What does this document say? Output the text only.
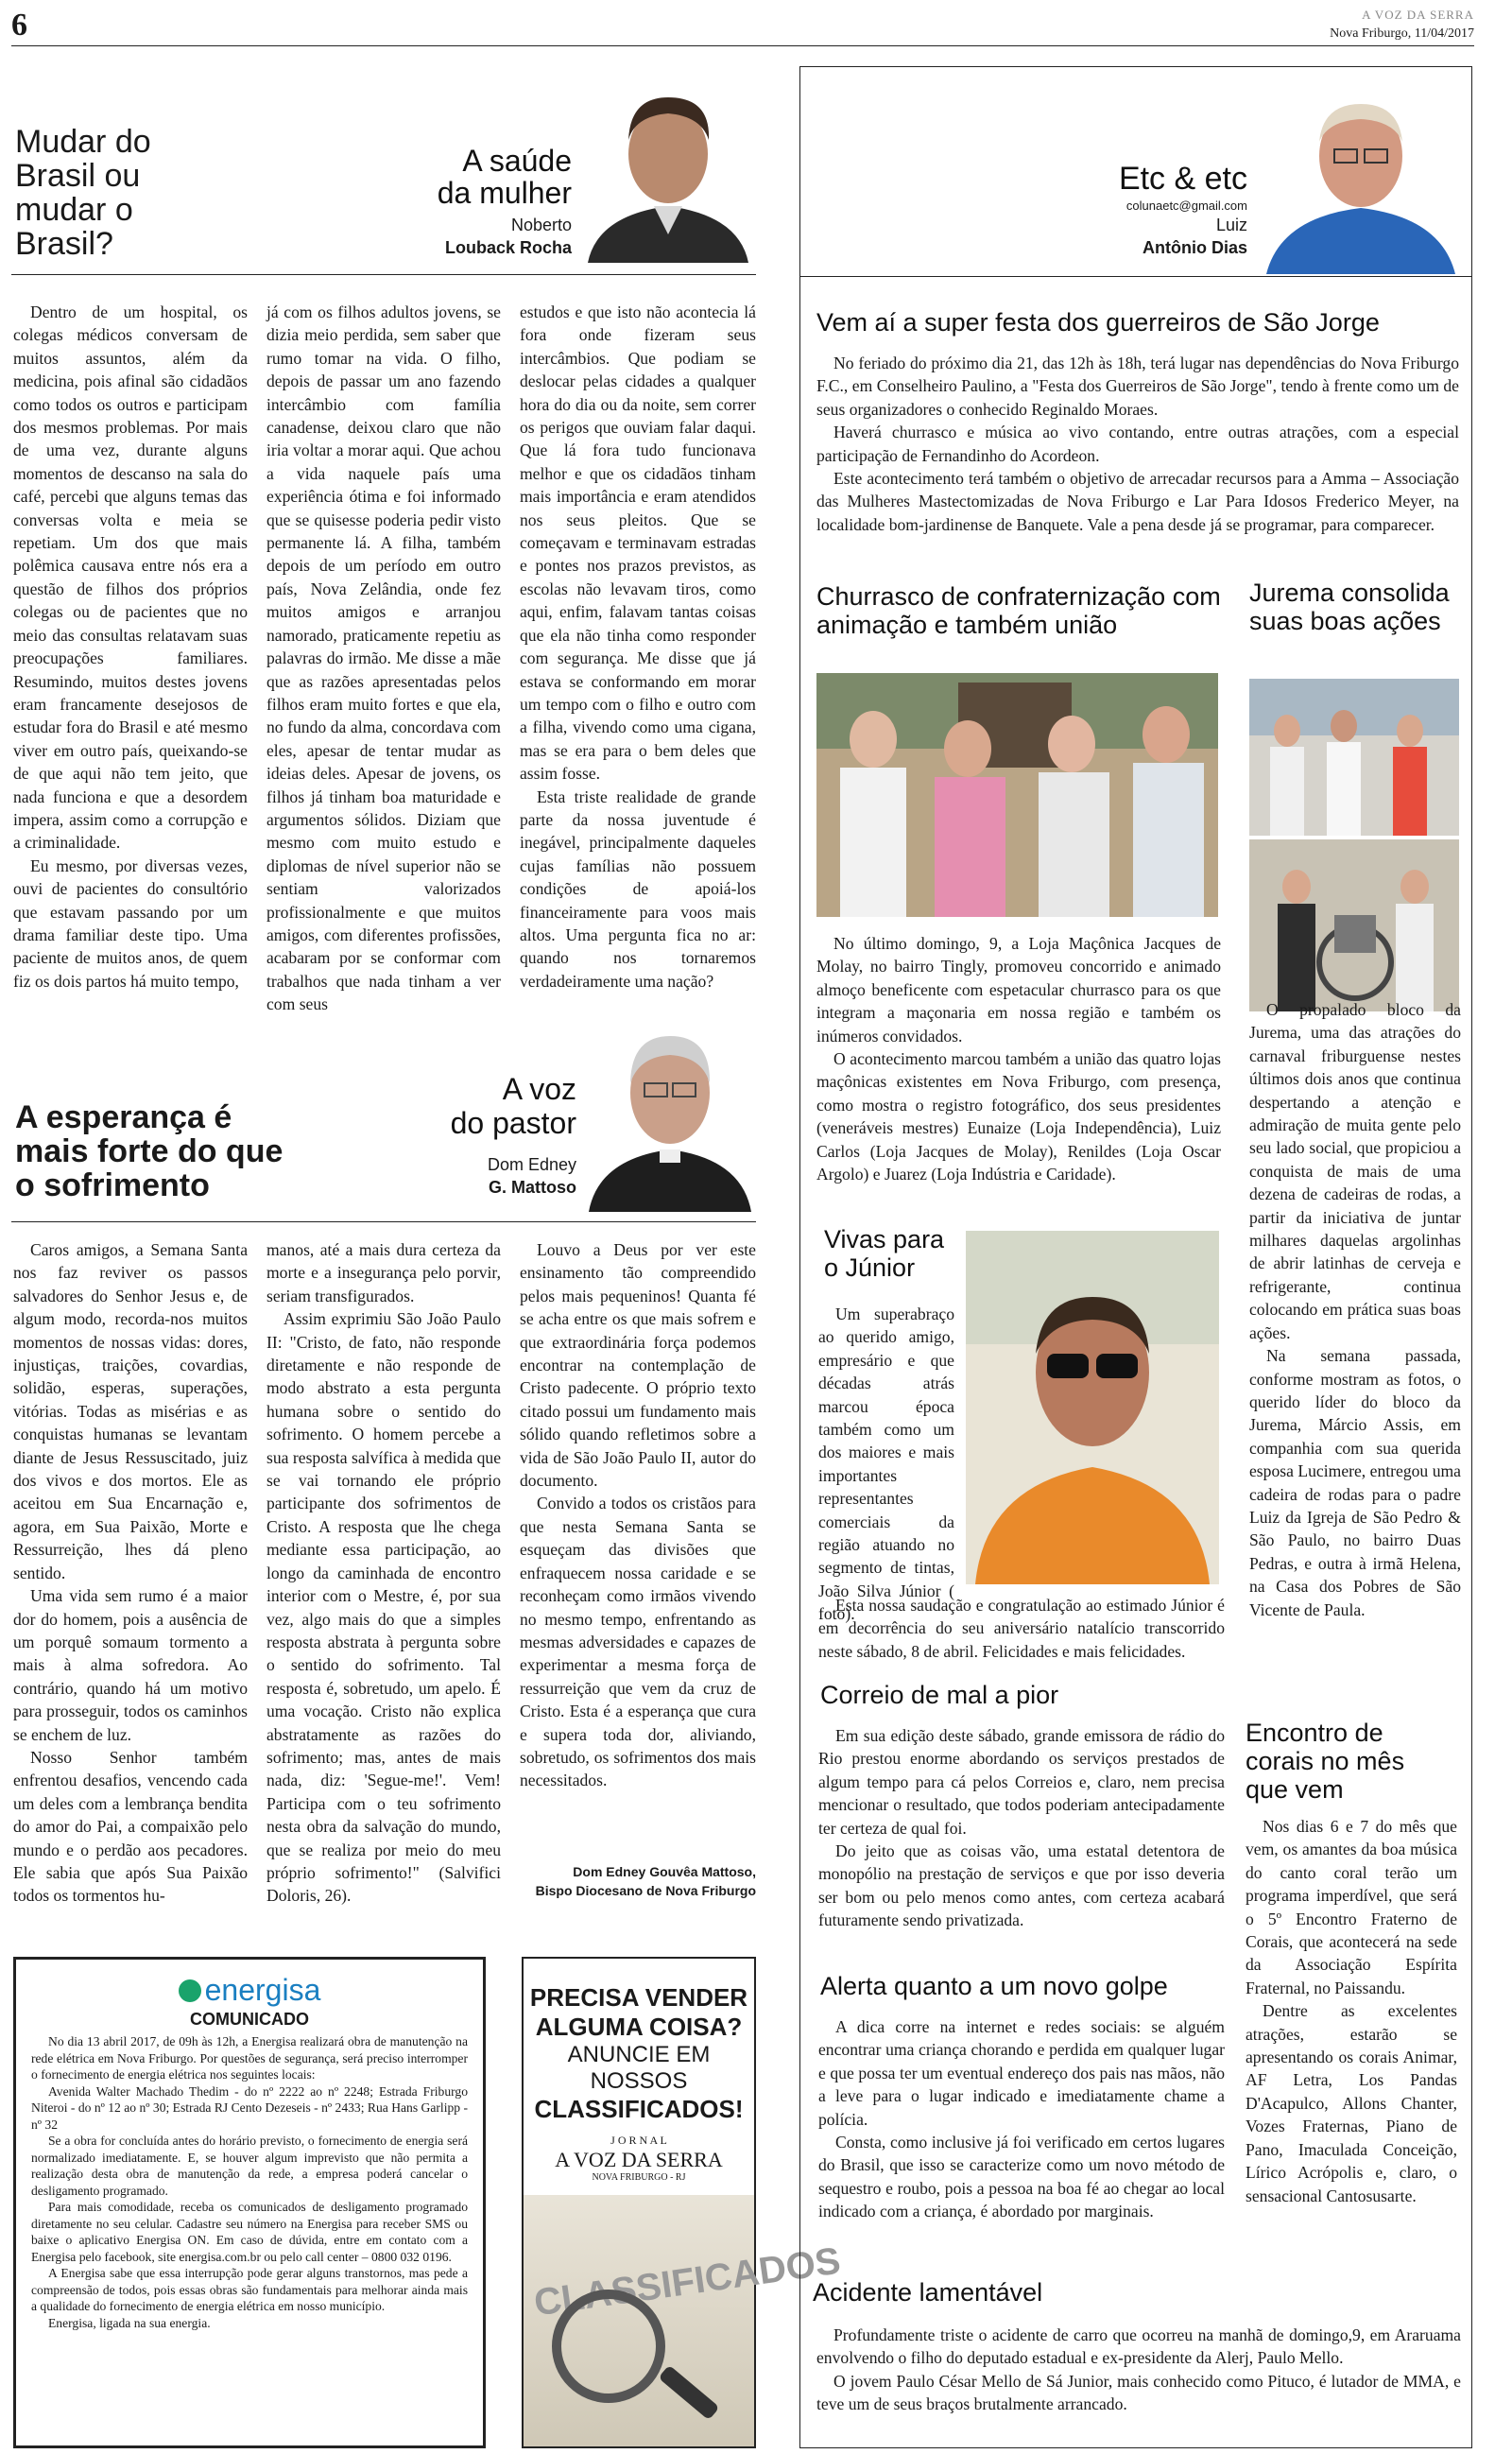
6	A VOZ DA SERRA
Nova Friburgo, 11/04/2017
Mudar do Brasil ou mudar o Brasil?
A saúde
da mulher
Noberto
Louback Rocha

Dentro de um hospital, os colegas médicos conversam de muitos assuntos, além da medicina, pois afinal são cidadãos como todos os outros e participam dos mesmos problemas. Por mais de uma vez, durante alguns momentos de descanso na sala do café, percebi que alguns temas das conversas volta e meia se repetiam. Um dos que mais polêmica causava entre nós era a questão de filhos dos próprios colegas ou de pacientes que no meio das consultas relatavam suas preocupações familiares. Resumindo, muitos destes jovens eram francamente desejosos de estudar fora do Brasil e até mesmo viver em outro país, queixando-se de que aqui não tem jeito, que nada funciona e que a desordem impera, assim como a corrupção e a criminalidade.

Eu mesmo, por diversas vezes, ouvi de pacientes do consultório que estavam passando por um drama familiar deste tipo. Uma paciente de muitos anos, de quem fiz os dois partos há muito tempo,

já com os filhos adultos jovens, se dizia meio perdida, sem saber que rumo tomar na vida. O filho, depois de passar um ano fazendo intercâmbio com família canadense, deixou claro que não iria voltar a morar aqui. Que achou a vida naquele país uma experiência ótima e foi informado que se quisesse poderia pedir visto permanente lá. A filha, também depois de um período em outro país, Nova Zelândia, onde fez muitos amigos e arranjou namorado, praticamente repetiu as palavras do irmão. Me disse a mãe que as razões apresentadas pelos filhos eram muito fortes e que ela, no fundo da alma, concordava com eles, apesar de tentar mudar as ideias deles. Apesar de jovens, os filhos já tinham boa maturidade e argumentos sólidos. Diziam que mesmo com muito estudo e diplomas de nível superior não se sentiam valorizados profissionalmente e que muitos amigos, com diferentes profissões, acabaram por se conformar com trabalhos que nada tinham a ver com seus

estudos e que isto não acontecia lá fora onde fizeram seus intercâmbios. Que podiam se deslocar pelas cidades a qualquer hora do dia ou da noite, sem correr os perigos que ouviam falar daqui. Que lá fora tudo funcionava melhor e que os cidadãos tinham mais importância e eram atendidos nos seus pleitos. Que se começavam e terminavam estradas e pontes nos prazos previstos, as escolas não levavam tiros, como aqui, enfim, falavam tantas coisas que ela não tinha como responder com segurança. Me disse que já estava se conformando em morar um tempo com o filho e outro com a filha, vivendo como uma cigana, mas se era para o bem deles que assim fosse.

Esta triste realidade de grande parte da nossa juventude é inegável, principalmente daqueles cujas famílias não possuem condições de apoiá-los financeiramente para voos mais altos. Uma pergunta fica no ar: quando nos tornaremos verdadeiramente uma nação?

A esperança é mais forte do que o sofrimento
A voz
do pastor
Dom Edney
G. Mattoso

Caros amigos, a Semana Santa nos faz reviver os passos salvadores do Senhor Jesus e, de algum modo, recorda-nos muitos momentos de nossas vidas: dores, injustiças, traições, covardias, solidão, esperas, superações, vitórias. Todas as misérias e as conquistas humanas se levantam diante de Jesus Ressuscitado, juiz dos vivos e dos mortos. Ele as aceitou em Sua Encarnação e, agora, em Sua Paixão, Morte e Ressurreição, lhes dá pleno sentido.

Uma vida sem rumo é a maior dor do homem, pois a ausência de um porquê somaum tormento a mais à alma sofredora. Ao contrário, quando há um motivo para prosseguir, todos os caminhos se enchem de luz.

Nosso Senhor também enfrentou desafios, vencendo cada um deles com a lembrança bendita do amor do Pai, a compaixão pelo mundo e o perdão aos pecadores. Ele sabia que após Sua Paixão todos os tormentos hu-

manos, até a mais dura certeza da morte e a insegurança pelo porvir, seriam transfigurados.

Assim exprimiu São João Paulo II: "Cristo, de fato, não responde diretamente e não responde de modo abstrato a esta pergunta humana sobre o sentido do sofrimento. O homem percebe a sua resposta salvífica à medida que se vai tornando ele próprio participante dos sofrimentos de Cristo. A resposta que lhe chega mediante essa participação, ao longo da caminhada de encontro interior com o Mestre, é, por sua vez, algo mais do que a simples resposta abstrata à pergunta sobre o sentido do sofrimento. Tal resposta é, sobretudo, um apelo. É uma vocação. Cristo não explica abstratamente as razões do sofrimento; mas, antes de mais nada, diz: 'Segue-me!'. Vem! Participa com o teu sofrimento nesta obra da salvação do mundo, que se realiza por meio do meu próprio sofrimento!" (Salvifici Doloris, 26).

Louvo a Deus por ver este ensinamento tão compreendido pelos mais pequeninos! Quanta fé se acha entre os que mais sofrem e que extraordinária força podemos encontrar na contemplação de Cristo padecente. O próprio texto citado possui um fundamento mais sólido quando refletimos sobre a vida de São João Paulo II, autor do documento.

Convido a todos os cristãos para que nesta Semana Santa se esqueçam das divisões que enfraquecem nossa caridade e se reconheçam como irmãos vivendo no mesmo tempo, enfrentando as mesmas adversidades e capazes de experimentar a mesma força de ressurreição que vem da cruz de Cristo. Esta é a esperança que cura e supera toda dor, aliviando, sobretudo, os sofrimentos dos mais necessitados.

Dom Edney Gouvêa Mattoso,
Bispo Diocesano de Nova Friburgo
energisa
COMUNICADO

No dia 13 abril 2017, de 09h às 12h, a Energisa realizará obra de manutenção na rede elétrica em Nova Friburgo. Por questões de segurança, será preciso interromper o fornecimento de energia elétrica nos seguintes locais:

Avenida Walter Machado Thedim - do nº 2222 ao nº 2248; Estrada Friburgo Niteroi - do nº 12 ao nº 30; Estrada RJ Cento Dezeseis - nº 2433; Rua Hans Garlipp - nº 32

Se a obra for concluída antes do horário previsto, o fornecimento de energia será normalizado imediatamente. E, se houver algum imprevisto que não permita a realização desta obra de manutenção da rede, a empresa poderá cancelar o desligamento programado.

Para mais comodidade, receba os comunicados de desligamento programado diretamente no seu celular. Cadastre seu número na Energisa para receber SMS ou baixe o aplicativo Energisa ON. Em caso de dúvida, entre em contato com a Energisa pelo facebook, site energisa.com.br ou pelo call center – 0800 032 0196.

A Energisa sabe que essa interrupção pode gerar alguns transtornos, mas pede a compreensão de todos, pois essas obras são fundamentais para melhorar ainda mais a qualidade do fornecimento de energia elétrica em nosso município.

Energisa, ligada na sua energia.

PRECISA VENDER
ALGUMA COISA?
ANUNCIE EM NOSSOS
CLASSIFICADOS!
J O R N A L
A VOZ DA SERRA
NOVA FRIBURGO - RJ
CLASSIFICADOS
Etc & etc
colunaetc@gmail.com
Luiz
Antônio Dias
Vem aí a super festa dos guerreiros de São Jorge

No feriado do próximo dia 21, das 12h às 18h, terá lugar nas dependências do Nova Friburgo F.C., em Conselheiro Paulino, a "Festa dos Guerreiros de São Jorge", tendo à frente como um de seus organizadores o conhecido Reginaldo Moraes.

Haverá churrasco e música ao vivo contando, entre outras atrações, com a especial participação de Fernandinho do Acordeon.

Este acontecimento terá também o objetivo de arrecadar recursos para a Amma – Associação das Mulheres Mastectomizadas de Nova Friburgo e Lar Para Idosos Frederico Meyer, na localidade bom-jardinense de Banquete. Vale a pena desde já se programar, para comparecer.

Churrasco de confraternização com animação e também união

No último domingo, 9, a Loja Maçônica Jacques de Molay, no bairro Tingly, promoveu concorrido e animado almoço beneficente com espetacular churrasco para os que integram a maçonaria em nossa região e também os inúmeros convidados.

O acontecimento marcou também a união das quatro lojas maçônicas existentes em Nova Friburgo, com presença, como mostra o registro fotográfico, dos seus presidentes (veneráveis mestres) Eunaize (Loja Independência), Luiz Carlos (Loja Jacques de Molay), Renildes (Loja Oscar Argolo) e Juarez (Loja Indústria e Caridade).

Jurema consolida suas boas ações

O propalado bloco da Jurema, uma das atrações do carnaval friburguense nestes últimos dois anos que continua despertando a atenção e admiração de muita gente pelo seu lado social, que propiciou a conquista de mais de uma dezena de cadeiras de rodas, a partir da iniciativa de juntar milhares daquelas argolinhas de abrir latinhas de cerveja e refrigerante, continua colocando em prática suas boas ações.

Na semana passada, conforme mostram as fotos, o querido líder do bloco da Jurema, Márcio Assis, em companhia com sua querida esposa Lucimere, entregou uma cadeira de rodas para o padre Luiz da Igreja de São Pedro & São Paulo, no bairro Duas Pedras, e outra à irmã Helena, na Casa dos Pobres de São Vicente de Paula.

Vivas para o Júnior
Um superabraço ao querido amigo, empresário e que décadas atrás marcou época também como um dos maiores e mais importantes representantes comerciais da região atuando no segmento de tintas, João Silva Júnior ( foto).

Esta nossa saudação e congratulação ao estimado Júnior é em decorrência do seu aniversário natalício transcorrido neste sábado, 8 de abril. Felicidades e mais felicidades.

Encontro de corais no mês que vem

Nos dias 6 e 7 do mês que vem, os amantes da boa música do canto coral terão um programa imperdível, que será o 5º Encontro Fraterno de Corais, que acontecerá na sede da Associação Espírita Fraternal, no Paissandu.

Dentre as excelentes atrações, estarão se apresentando os corais Animar, AF Letra, Los Pandas D'Acapulco, Allons Chanter, Vozes Fraternas, Piano de Pano, Imaculada Conceição, Lírico Acrópolis e, claro, o sensacional Cantosusarte.

Correio de mal a pior

Em sua edição deste sábado, grande emissora de rádio do Rio prestou enorme abordando os serviços prestados de algum tempo para cá pelos Correios e, claro, nem precisa mencionar o resultado, que todos poderiam antecipadamente ter certeza de qual foi.

Do jeito que as coisas vão, uma estatal detentora de monopólio na prestação de serviços e que por isso deveria ser bom ou pelo menos como antes, com certeza acabará futuramente sendo privatizada.

Alerta quanto a um novo golpe

A dica corre na internet e redes sociais: se alguém encontrar uma criança chorando e perdida em qualquer lugar e que possa ter um eventual endereço dos pais nas mãos, não a leve para o lugar indicado e imediatamente chame a polícia.

Consta, como inclusive já foi verificado em certos lugares do Brasil, que isso se caracterize como um novo método de sequestro e roubo, pois a pessoa na boa fé ao chegar ao local indicado com a criança, é abordado por marginais.

Acidente lamentável

Profundamente triste o acidente de carro que ocorreu na manhã de domingo,9, em Araruama envolvendo o filho do deputado estadual e ex-presidente da Alerj, Paulo Mello.

O jovem Paulo César Mello de Sá Junior, mais conhecido como Pituco, é lutador de MMA, e teve um de seus braços brutalmente arrancado.
